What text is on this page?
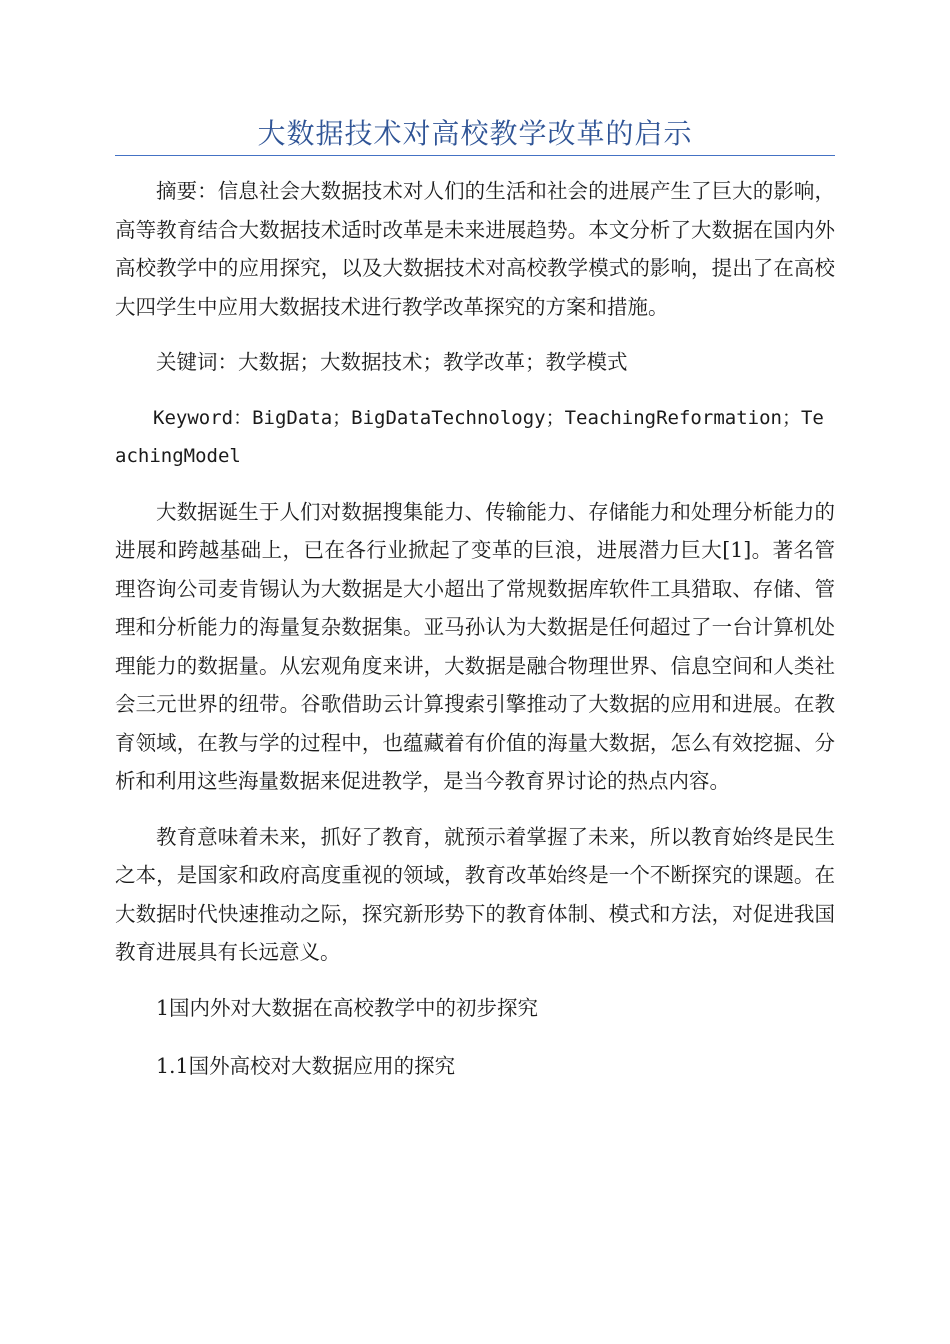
大数据技术对高校教学改革的启示

摘要：信息社会大数据技术对人们的生活和社会的进展产生了巨大的影响，高等教育结合大数据技术适时改革是未来进展趋势。本文分析了大数据在国内外高校教学中的应用探究，以及大数据技术对高校教学模式的影响，提出了在高校大四学生中应用大数据技术进行教学改革探究的方案和措施。

关键词：大数据；大数据技术；教学改革；教学模式

Keyword：BigData；BigDataTechnology；TeachingReformation；TeachingModel

大数据诞生于人们对数据搜集能力、传输能力、存储能力和处理分析能力的进展和跨越基础上，已在各行业掀起了变革的巨浪，进展潜力巨大[1]。著名管理咨询公司麦肯锡认为大数据是大小超出了常规数据库软件工具猎取、存储、管理和分析能力的海量复杂数据集。亚马孙认为大数据是任何超过了一台计算机处理能力的数据量。从宏观角度来讲，大数据是融合物理世界、信息空间和人类社会三元世界的纽带。谷歌借助云计算搜索引擎推动了大数据的应用和进展。在教育领域，在教与学的过程中，也蕴藏着有价值的海量大数据，怎么有效挖掘、分析和利用这些海量数据来促进教学，是当今教育界讨论的热点内容。

教育意味着未来，抓好了教育，就预示着掌握了未来，所以教育始终是民生之本，是国家和政府高度重视的领域，教育改革始终是一个不断探究的课题。在大数据时代快速推动之际，探究新形势下的教育体制、模式和方法，对促进我国教育进展具有长远意义。

1国内外对大数据在高校教学中的初步探究

1.1国外高校对大数据应用的探究
